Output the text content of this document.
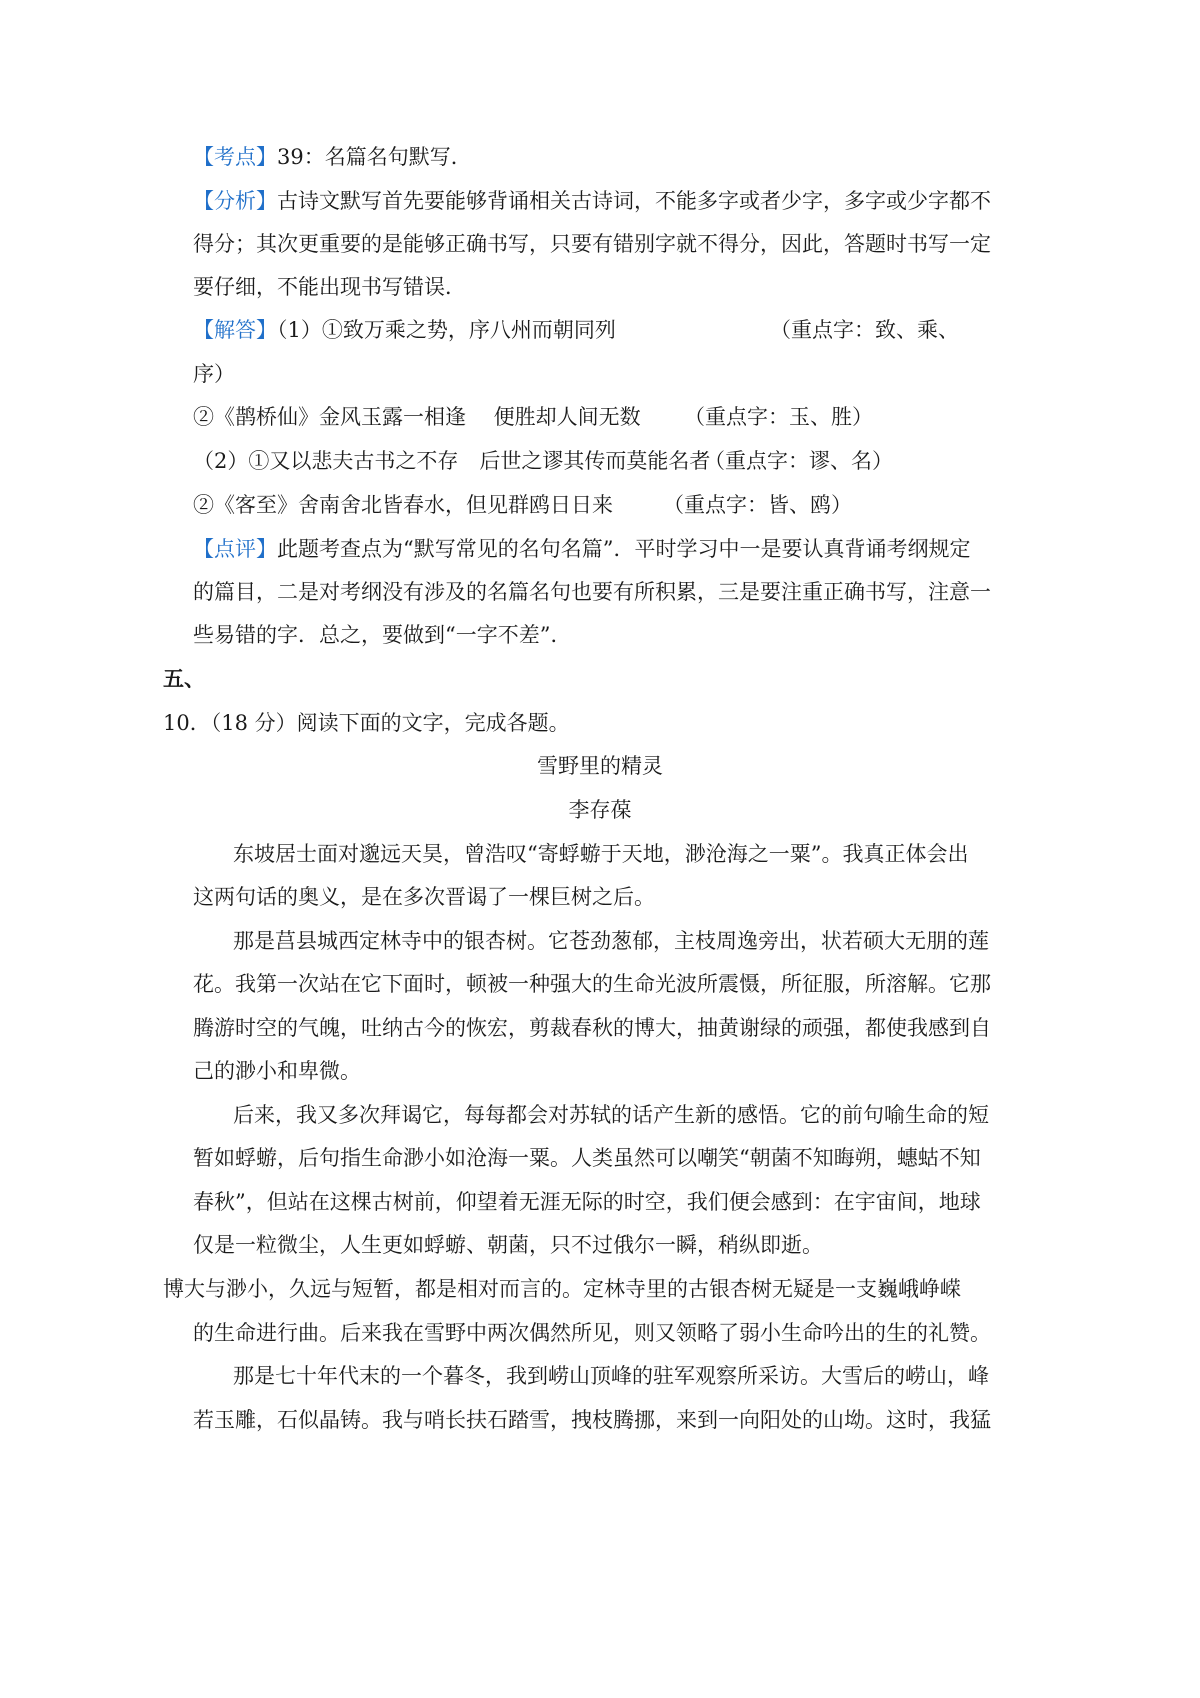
【考点】39：名篇名句默写．
【分析】古诗文默写首先要能够背诵相关古诗词，不能多字或者少字，多字或少字都不
得分；其次更重要的是能够正确书写，只要有错别字就不得分，因此，答题时书写一定
要仔细，不能出现书写错误．
【解答】（1）①致万乘之势，序八州而朝同列	（重点字：致、乘、
序）
②《鹊桥仙》金风玉露一相逢　 便胜却人间无数 （重点字：玉、胜）
（2）①又以悲夫古书之不存　后世之谬其传而莫能名者
（重点字：谬、名）
②《客至》舍南舍北皆春水，但见群鸥日日来 （重点字：皆、鸥）
【点评】此题考查点为“默写常见的名句名篇”．平时学习中一是要认真背诵考纲规定
的篇目，二是对考纲没有涉及的名篇名句也要有所积累，三是要注重正确书写，注意一
些易错的字．总之，要做到“一字不差”．
五、
10．（18 分）阅读下面的文字，完成各题。
雪野里的精灵
李存葆
东坡居士面对邈远天昊，曾浩叹“寄蜉蝣于天地，渺沧海之一粟”。我真正体会出
这两句话的奥义，是在多次晋谒了一棵巨树之后。
那是莒县城西定林寺中的银杏树。它苍劲葱郁，主枝周逸旁出，状若硕大无朋的莲
花。我第一次站在它下面时，顿被一种强大的生命光波所震慑，所征服，所溶解。它那
腾游时空的气魄，吐纳古今的恢宏，剪裁春秋的博大，抽黄谢绿的顽强，都使我感到自
己的渺小和卑微。
后来，我又多次拜谒它，每每都会对苏轼的话产生新的感悟。它的前句喻生命的短
暂如蜉蝣，后句指生命渺小如沧海一粟。人类虽然可以嘲笑“朝菌不知晦朔，蟪蛄不知
春秋”，但站在这棵古树前，仰望着无涯无际的时空，我们便会感到：在宇宙间，地球
仅是一粒微尘，人生更如蜉蝣、朝菌，只不过俄尔一瞬，稍纵即逝。
博大与渺小，久远与短暂，都是相对而言的。定林寺里的古银杏树无疑是一支巍峨峥嵘
的生命进行曲。后来我在雪野中两次偶然所见，则又领略了弱小生命吟出的生的礼赞。
那是七十年代末的一个暮冬，我到崂山顶峰的驻军观察所采访。大雪后的崂山，峰
若玉雕，石似晶铸。我与哨长扶石踏雪，拽枝腾挪，来到一向阳处的山坳。这时，我猛
